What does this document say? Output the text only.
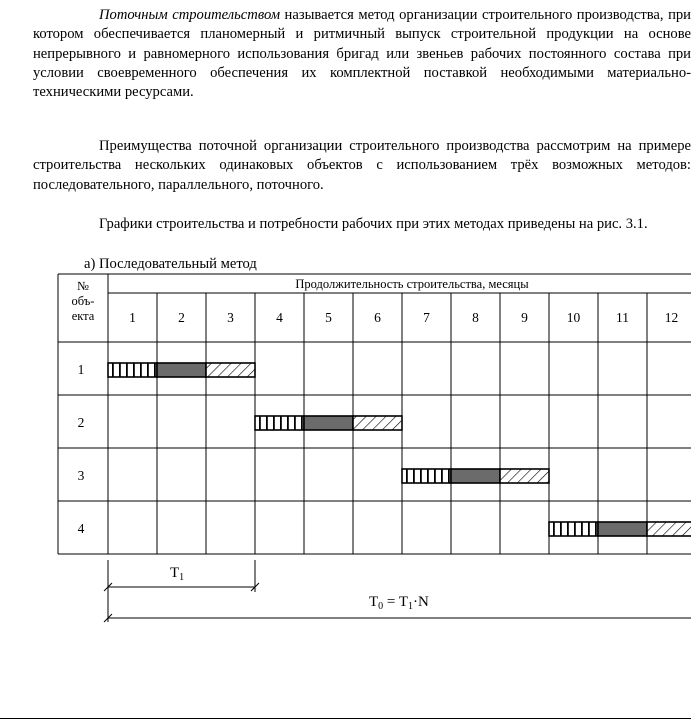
Поточным строительством называется метод организации строительного производства, при котором обеспечивается планомерный и ритмичный выпуск строительной продукции на основе непрерывного и равномерного использования бригад или звеньев рабочих постоянного состава при условии своевременного обеспечения их комплектной поставкой необходимыми материально-техническими ресурсами.

Преимущества поточной организации строительного производства рассмотрим на примере строительства нескольких одинаковых объектов с использованием трёх возможных методов: последовательного, параллельного, поточного.

Графики строительства и потребности рабочих при этих методах приведены на рис. 3.1.

а) Последовательный метод
№
объ-
екта
Продолжительность строительства, месяцы
1	2	3	4	5	6	7	8	9	10	11	12
1
2
3
4
$T_1$
$T_0 = T_1\cdot N$
